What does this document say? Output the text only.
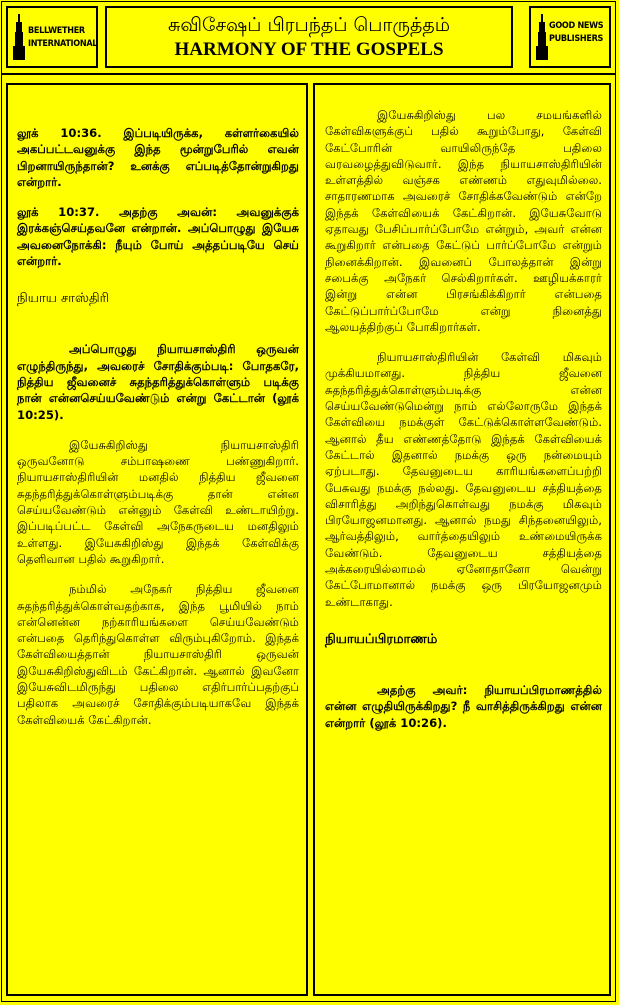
BELLWETHER INTERNATIONAL
சுவிசேஷப் பிரபந்தப் பொருத்தம்
HARMONY OF THE GOSPELS
GOOD NEWS PUBLISHERS

லூக் 10:36. இப்படியிருக்க, கள்ளர்கையில் அகப்பட்டவனுக்கு இந்த மூன்றுபேரில் எவன் பிறனாயிருந்தான்? உனக்கு எப்படித்தோன்றுகிறது என்றார்.

லூக் 10:37. அதற்கு அவன்: அவனுக்குக் இரக்கஞ்செய்தவனே என்றான். அப்பொழுது இயேசு அவனைநோக்கி: நீயும் போய் அத்தப்படியே செய் என்றார்.

நியாய சாஸ்திரி

அப்பொழுது நியாயசாஸ்திரி ஒருவன் எழுந்திருந்து, அவரைச் சோதிக்கும்படி: போதகரே, நித்திய ஜீவனைச் சுதந்தரித்துக்கொள்ளும் படிக்கு நான் என்னசெய்யவேண்டும் என்று கேட்டான் (லூக் 10:25).

இயேசுகிறிஸ்து நியாயசாஸ்திரி ஒருவனோடு சம்பாஷணை பண்ணுகிறார். நியாயசாஸ்திரியின் மனதில் நித்திய ஜீவனை சுதந்தரித்துக்கொள்ளும்படிக்கு தான் என்ன செய்யவேண்டும் என்னும் கேள்வி உண்டாயிற்று. இப்படிப்பட்ட கேள்வி அநேகருடைய மனதிலும் உள்ளது. இயேசுகிறிஸ்து இந்தக் கேள்விக்கு தெளிவான பதில் கூறுகிறார்.

நம்மில் அநேகர் நித்திய ஜீவனை சுதந்தரித்துக்கொள்வதற்காக, இந்த பூமியில் நாம் என்னென்ன நற்காரியங்களை செய்யவேண்டும் என்பதை தெரிந்துகொள்ள விரும்புகிறோம். இந்தக் கேள்வியைத்தான் நியாயசாஸ்திரி ஒருவன் இயேசுகிறிஸ்துவிடம் கேட்கிறான். ஆனால் இவனோ இயேசுவிடமிருந்து பதிலை எதிர்பார்ப்பதற்குப் பதிலாக அவரைச் சோதிக்கும்படியாகவே இந்தக் கேள்வியைக் கேட்கிறான்.

இயேசுகிறிஸ்து பல சமயங்களில் கேள்விகளுக்குப் பதில் கூறும்போது, கேள்வி கேட்போரின் வாயிலிருந்தே பதிலை வரவழைத்துவிடுவார். இந்த நியாயசாஸ்திரியின் உள்ளத்தில் வஞ்சக எண்ணம் எதுவுமில்லை. சாதாரணமாக அவரைச் சோதிக்கவேண்டும் என்றே இந்தக் கேள்வியைக் கேட்கிறான். இயேசுவோடு ஏதாவது பேசிப்பார்ப்போமே என்றும், அவர் என்ன கூறுகிறார் என்பதை கேட்டுப் பார்ப்போமே என்றும் நினைக்கிறான். இவனைப் போலத்தான் இன்று சபைக்கு அநேகர் செல்கிறார்கள். ஊழியக்காரர் இன்று என்ன பிரசங்கிக்கிறார் என்பதை கேட்டுப்பார்ப்போமே என்று நினைத்து ஆலயத்திற்குப் போகிறார்கள்.

நியாயசாஸ்திரியின் கேள்வி மிகவும் முக்கியமானது. நித்திய ஜீவனை சுதந்தரித்துக்கொள்ளும்படிக்கு என்ன செய்யவேண்டுமென்று நாம் எல்லோருமே இந்தக் கேள்வியை நமக்குள் கேட்டுக்கொள்ளவேண்டும். ஆனால் தீய எண்ணத்தோடு இந்தக் கேள்வியைக் கேட்டால் இதனால் நமக்கு ஒரு நன்மையும் ஏற்படாது. தேவனுடைய காரியங்களைப்பற்றி பேசுவது நமக்கு நல்லது. தேவனுடைய சத்தியத்தை விசாரித்து அறிந்துகொள்வது நமக்கு மிகவும் பிரயோஜனமானது. ஆனால் நமது சிந்தனையிலும், ஆர்வத்திலும், வார்த்தையிலும் உண்மையிருக்க வேண்டும். தேவனுடைய சத்தியத்தை அக்கரையில்லாமல் ஏனோதானோ வென்று கேட்போமானால் நமக்கு ஒரு பிரயோஜனமும் உண்டாகாது.

நியாயப்பிரமாணம்

அதற்கு அவர்: நியாயப்பிரமாணத்தில் என்ன எழுதியிருக்கிறது? நீ வாசித்திருக்கிறது என்ன என்றார் (லூக் 10:26).
